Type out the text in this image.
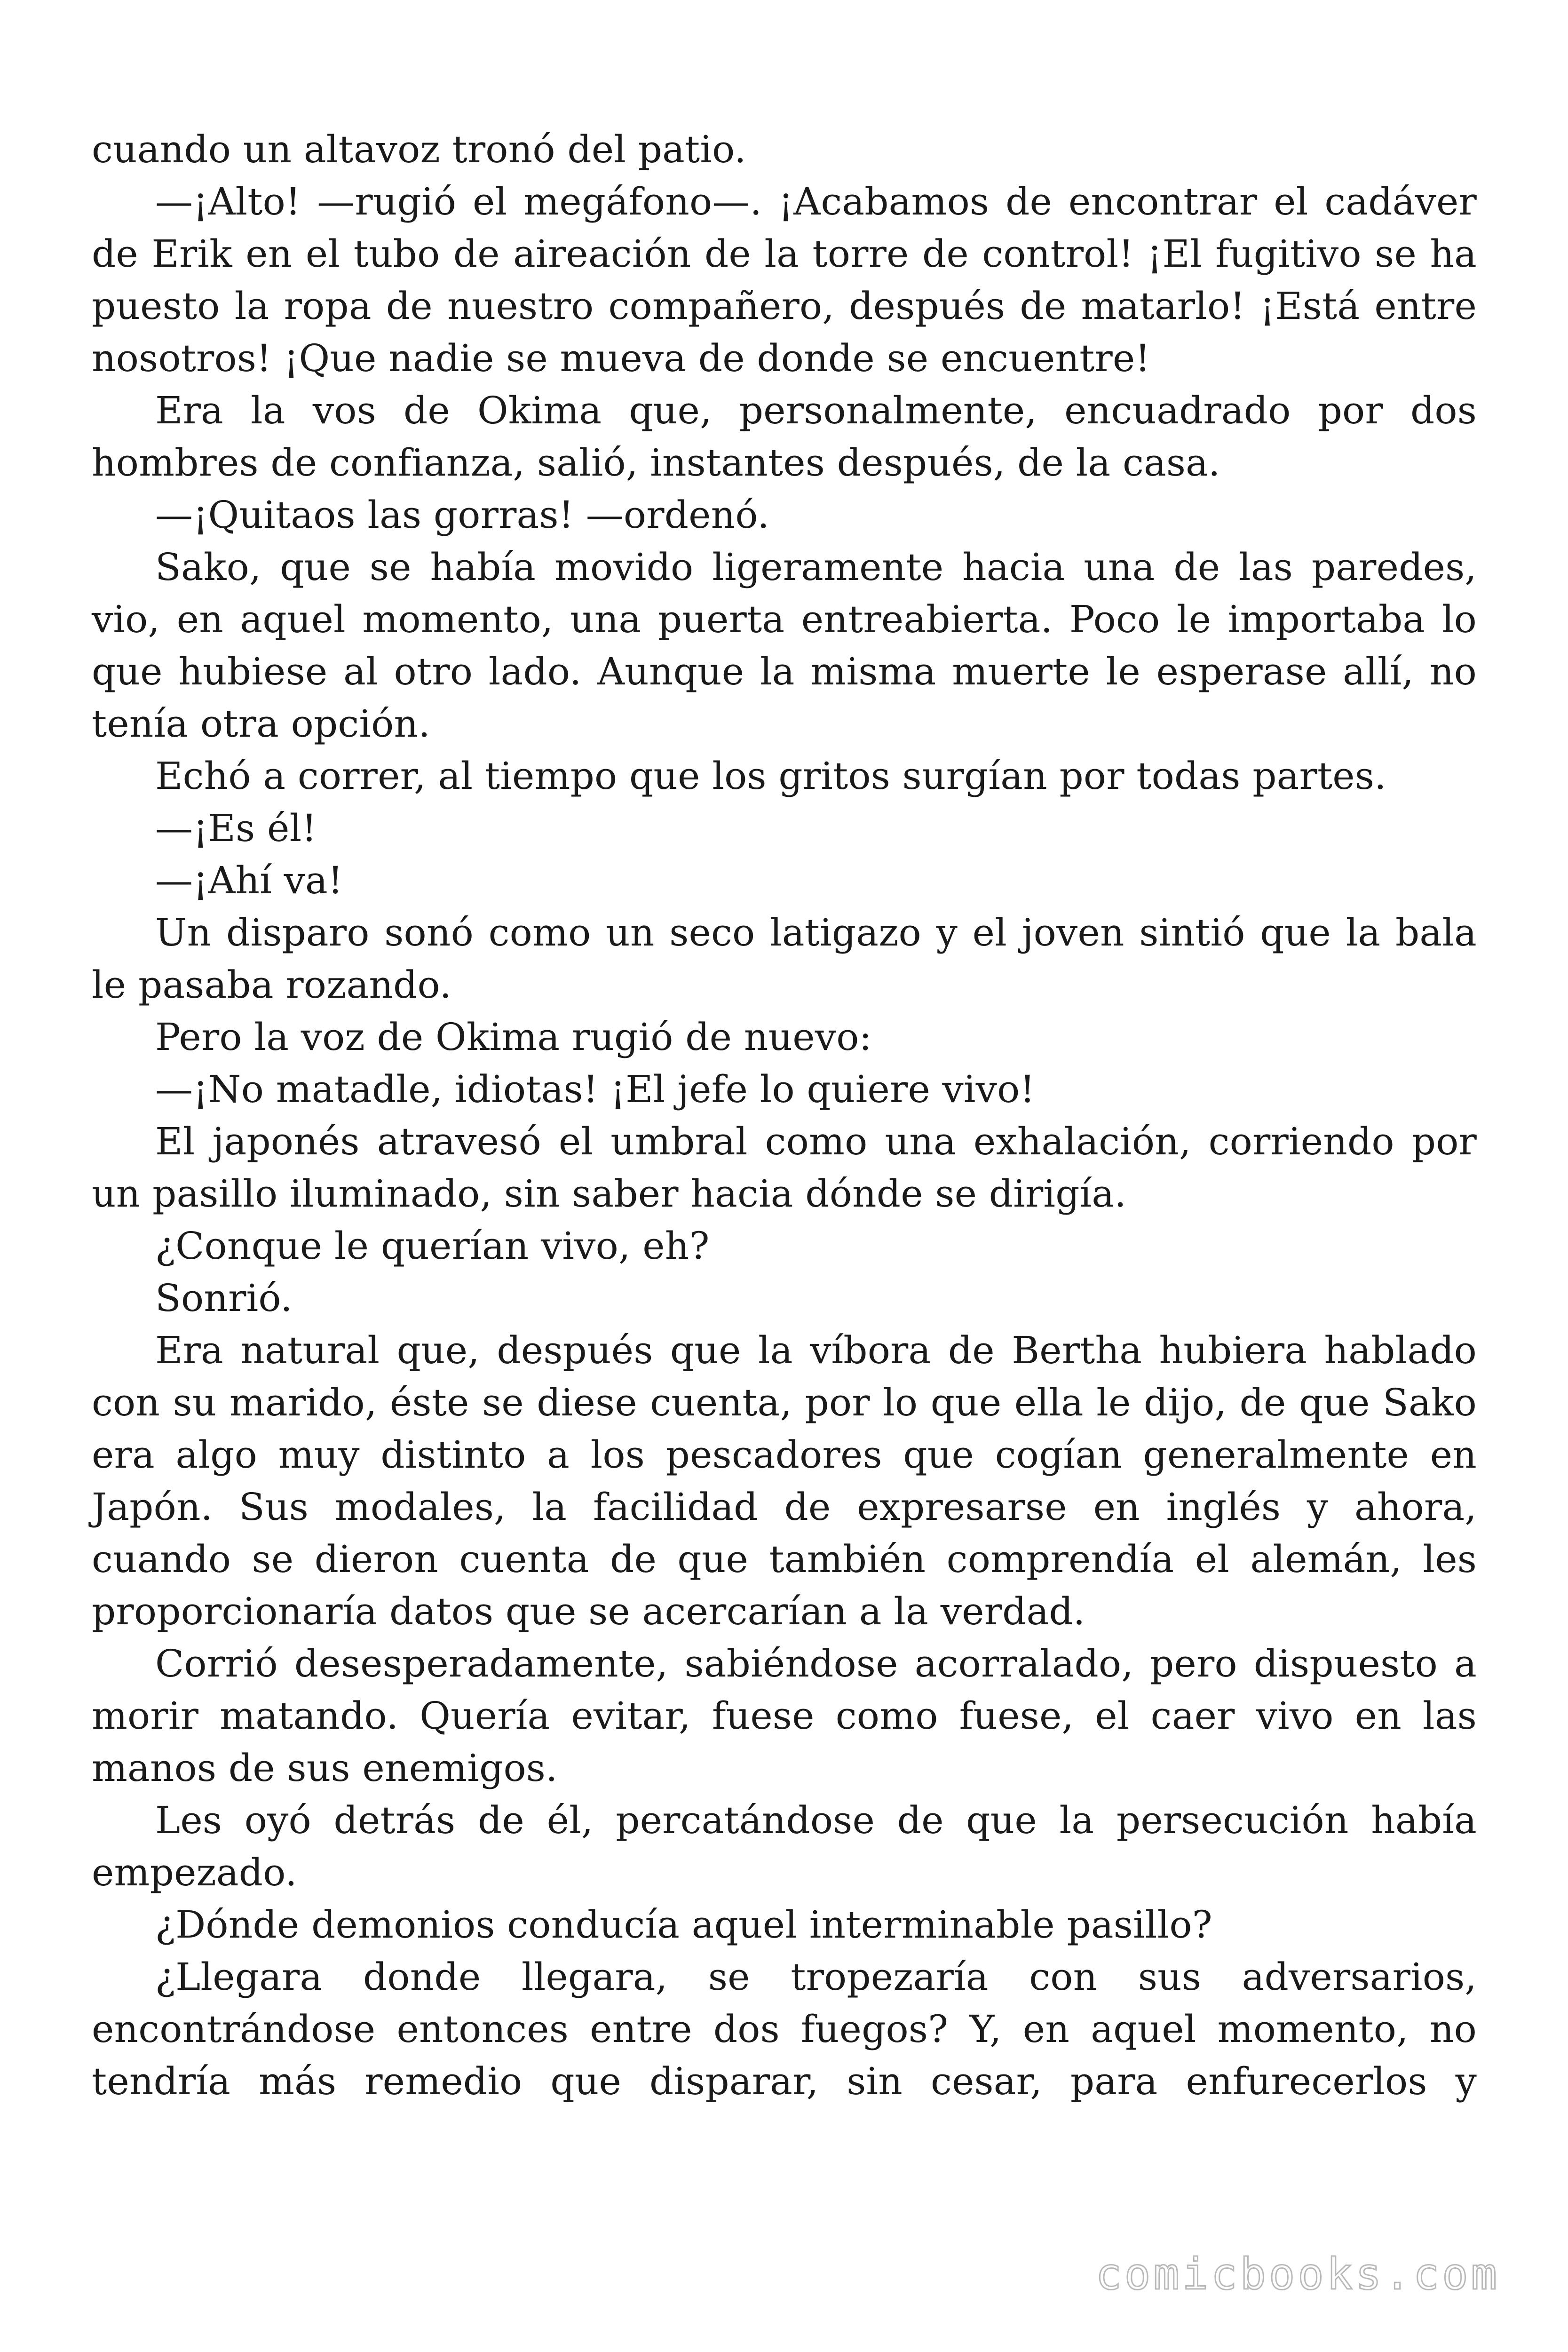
cuando un altavoz tronó del patio.

—¡Alto! —rugió el megáfono—. ¡Acabamos de encontrar el cadáver de Erik en el tubo de aireación de la torre de control! ¡El fugitivo se ha puesto la ropa de nuestro compañero, después de matarlo! ¡Está entre nosotros! ¡Que nadie se mueva de donde se encuentre!

Era la vos de Okima que, personalmente, encuadrado por dos hombres de confianza, salió, instantes después, de la casa.

—¡Quitaos las gorras! —ordenó.

Sako, que se había movido ligeramente hacia una de las paredes, vio, en aquel momento, una puerta entreabierta. Poco le importaba lo que hubiese al otro lado. Aunque la misma muerte le esperase allí, no tenía otra opción.

Echó a correr, al tiempo que los gritos surgían por todas partes.

—¡Es él!

—¡Ahí va!

Un disparo sonó como un seco latigazo y el joven sintió que la bala le pasaba rozando.

Pero la voz de Okima rugió de nuevo:

—¡No matadle, idiotas! ¡El jefe lo quiere vivo!

El japonés atravesó el umbral como una exhalación, corriendo por un pasillo iluminado, sin saber hacia dónde se dirigía.

¿Conque le querían vivo, eh?

Sonrió.

Era natural que, después que la víbora de Bertha hubiera hablado con su marido, éste se diese cuenta, por lo que ella le dijo, de que Sako era algo muy distinto a los pescadores que cogían generalmente en Japón. Sus modales, la facilidad de expresarse en inglés y ahora, cuando se dieron cuenta de que también comprendía el alemán, les proporcionaría datos que se acercarían a la verdad.

Corrió desesperadamente, sabiéndose acorralado, pero dispuesto a morir matando. Quería evitar, fuese como fuese, el caer vivo en las manos de sus enemigos.

Les oyó detrás de él, percatándose de que la persecución había empezado.

¿Dónde demonios conducía aquel interminable pasillo?

¿Llegara donde llegara, se tropezaría con sus adversarios, encontrándose entonces entre dos fuegos? Y, en aquel momento, no tendría más remedio que disparar, sin cesar, para enfurecerlos y

comicbooks.com
